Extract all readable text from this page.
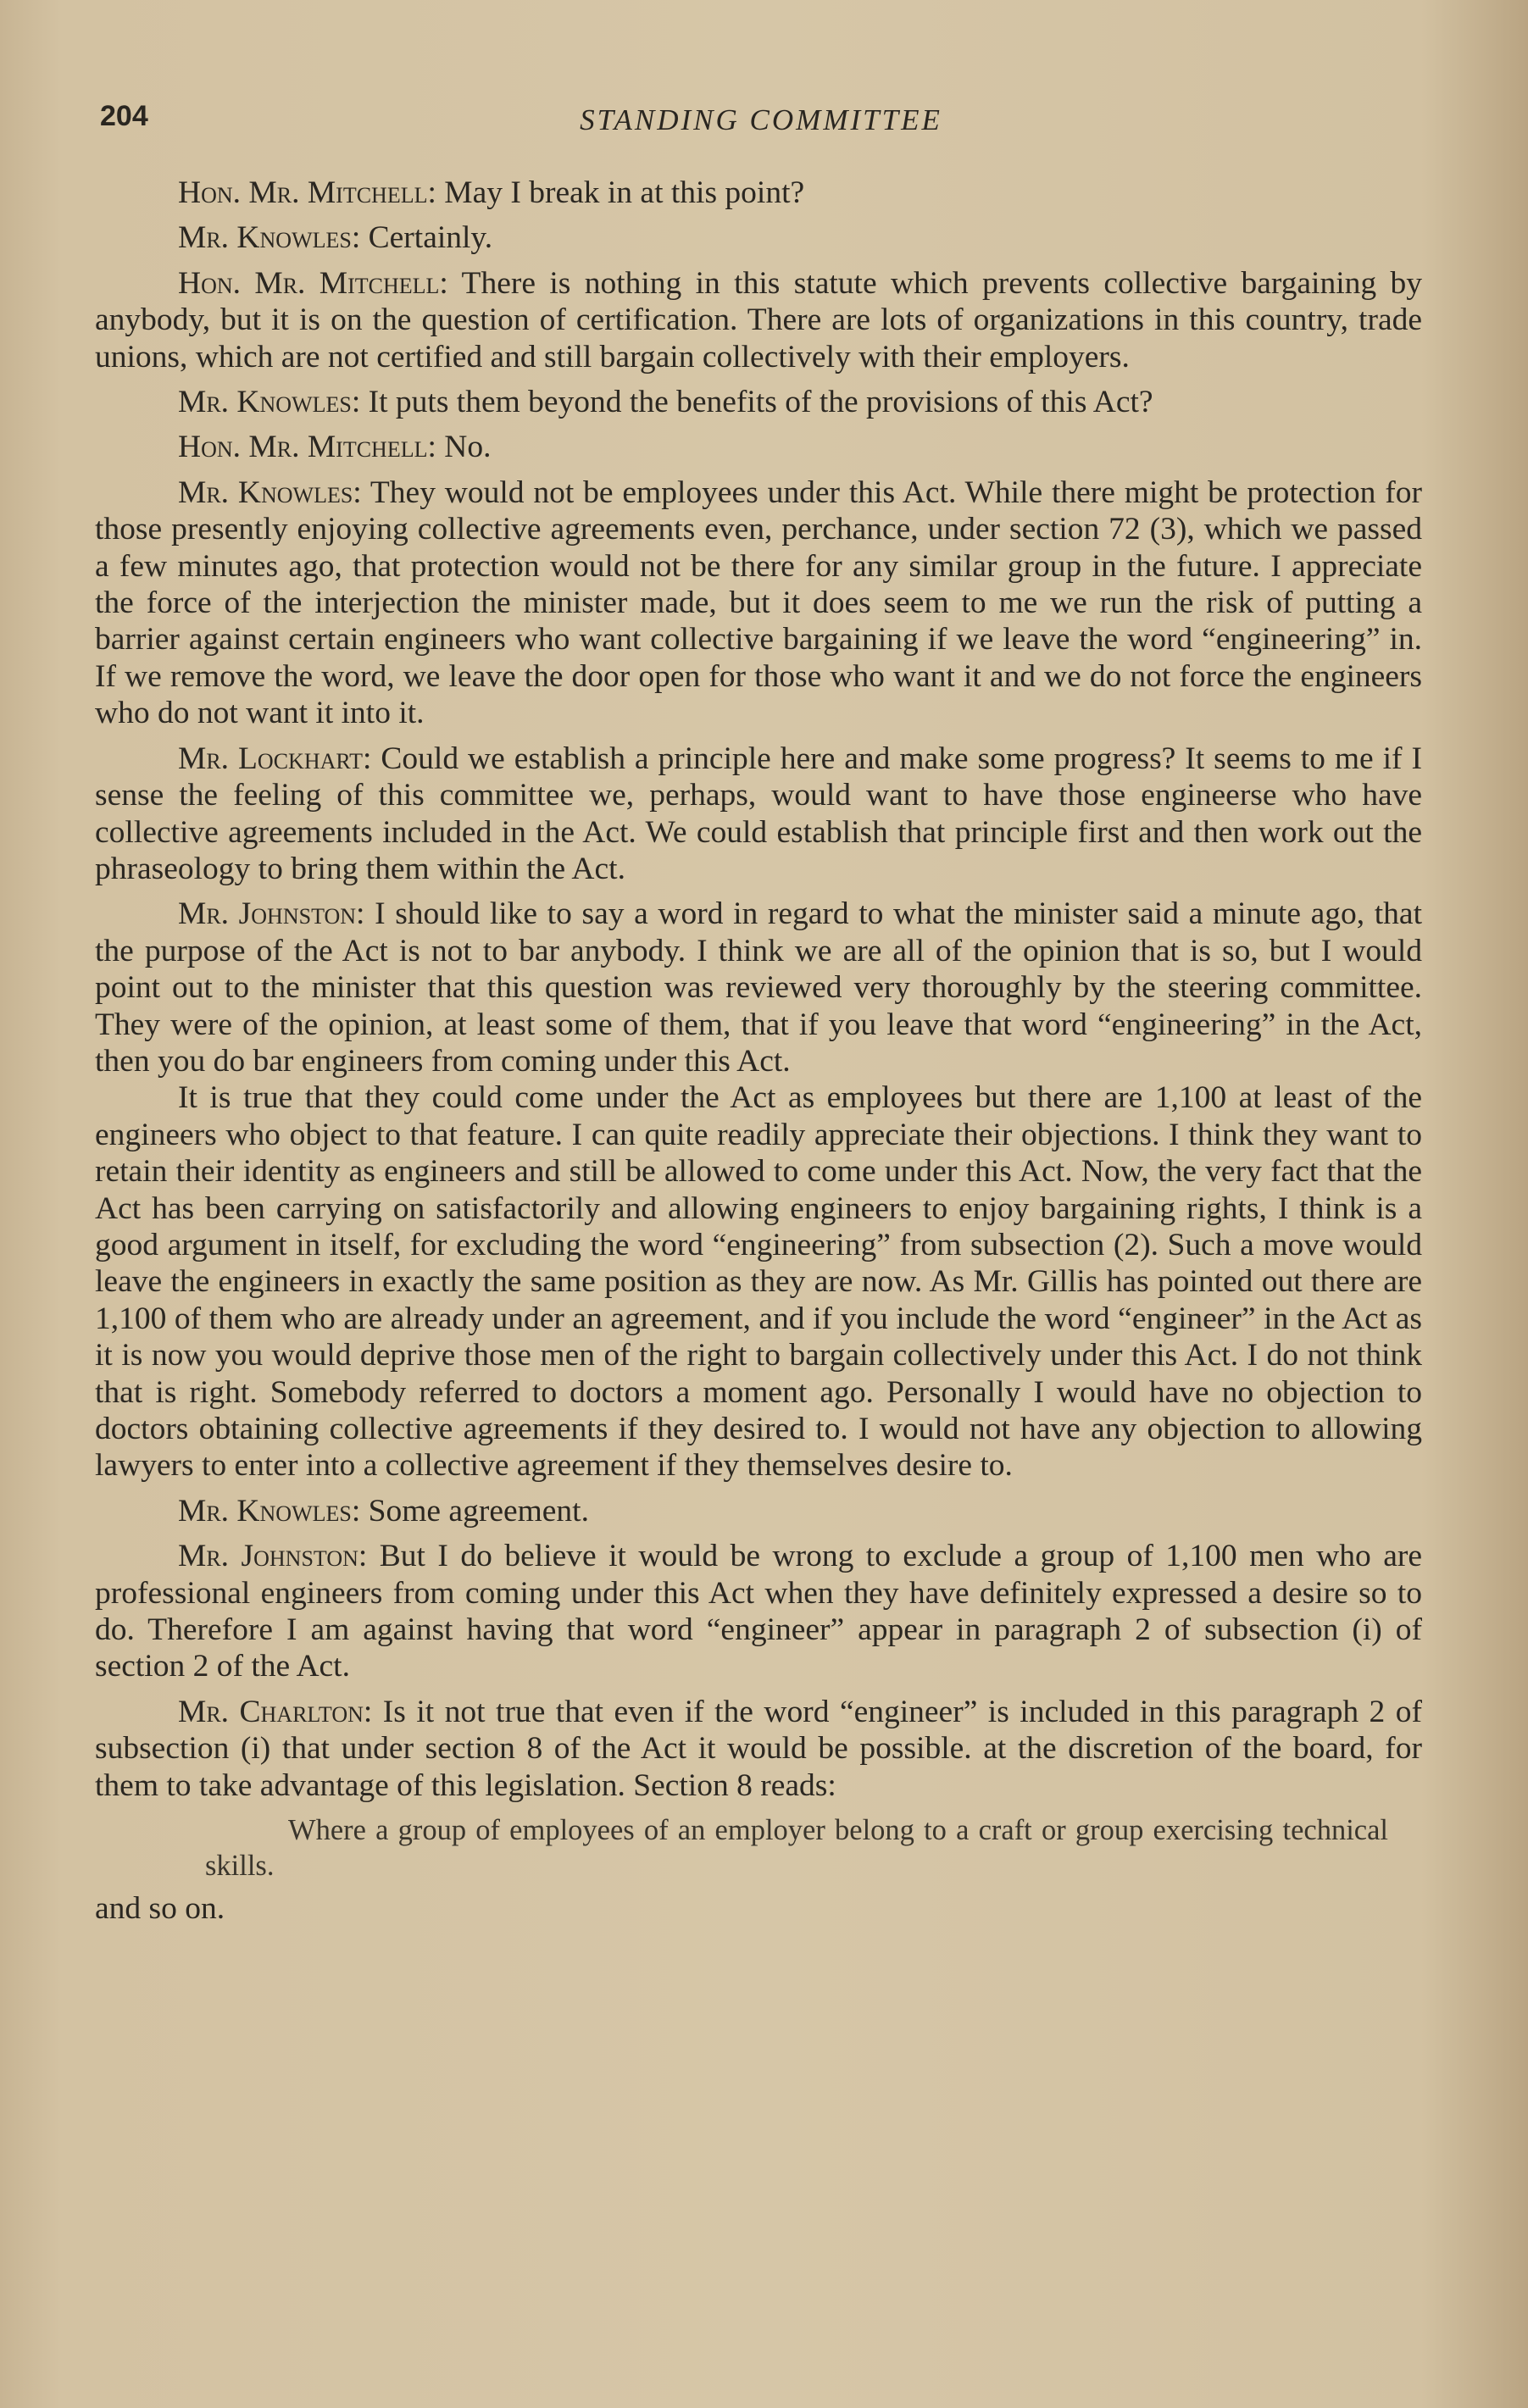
204	STANDING COMMITTEE

Hon. Mr. Mitchell: May I break in at this point?

Mr. Knowles: Certainly.

Hon. Mr. Mitchell: There is nothing in this statute which prevents collective bargaining by anybody, but it is on the question of certification. There are lots of organizations in this country, trade unions, which are not certified and still bargain collectively with their employers.

Mr. Knowles: It puts them beyond the benefits of the provisions of this Act?

Hon. Mr. Mitchell: No.

Mr. Knowles: They would not be employees under this Act. While there might be protection for those presently enjoying collective agreements even, perchance, under section 72 (3), which we passed a few minutes ago, that protection would not be there for any similar group in the future. I appreciate the force of the interjection the minister made, but it does seem to me we run the risk of putting a barrier against certain engineers who want collective bargaining if we leave the word “engineering” in. If we remove the word, we leave the door open for those who want it and we do not force the engineers who do not want it into it.

Mr. Lockhart: Could we establish a principle here and make some progress? It seems to me if I sense the feeling of this committee we, perhaps, would want to have those engineerse who have collective agreements included in the Act. We could establish that principle first and then work out the phraseology to bring them within the Act.

Mr. Johnston: I should like to say a word in regard to what the minister said a minute ago, that the purpose of the Act is not to bar anybody. I think we are all of the opinion that is so, but I would point out to the minister that this question was reviewed very thoroughly by the steering committee. They were of the opinion, at least some of them, that if you leave that word “engineering” in the Act, then you do bar engineers from coming under this Act.

It is true that they could come under the Act as employees but there are 1,100 at least of the engineers who object to that feature. I can quite readily appreciate their objections. I think they want to retain their identity as engineers and still be allowed to come under this Act. Now, the very fact that the Act has been carrying on satisfactorily and allowing engineers to enjoy bargaining rights, I think is a good argument in itself, for excluding the word “engineering” from subsection (2). Such a move would leave the engineers in exactly the same position as they are now. As Mr. Gillis has pointed out there are 1,100 of them who are already under an agreement, and if you include the word “engineer” in the Act as it is now you would deprive those men of the right to bargain collectively under this Act. I do not think that is right. Somebody referred to doctors a moment ago. Personally I would have no objection to doctors obtaining collective agreements if they desired to. I would not have any objection to allowing lawyers to enter into a collective agreement if they themselves desire to.

Mr. Knowles: Some agreement.

Mr. Johnston: But I do believe it would be wrong to exclude a group of 1,100 men who are professional engineers from coming under this Act when they have definitely expressed a desire so to do. Therefore I am against having that word “engineer” appear in paragraph 2 of subsection (i) of section 2 of the Act.

Mr. Charlton: Is it not true that even if the word “engineer” is included in this paragraph 2 of subsection (i) that under section 8 of the Act it would be possible. at the discretion of the board, for them to take advantage of this legislation. Section 8 reads:

Where a group of employees of an employer belong to a craft or group exercising technical skills.

and so on.
